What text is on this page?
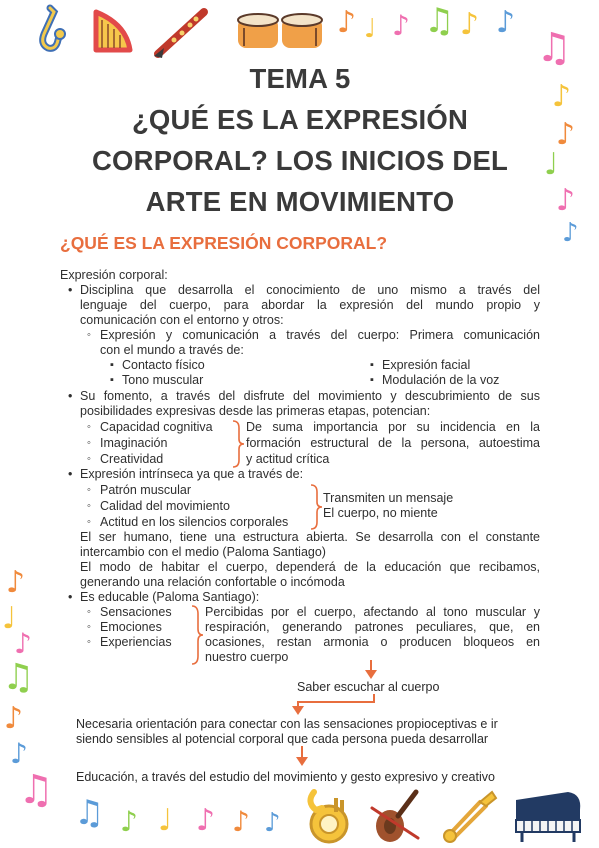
♪ ♩ ♪ ♫ ♪ ♪
♫
♪
♪
♩
♪
♪
♪
♩
♪
♫
♪
♪
♫ ♫ ♪ ♩ ♪ ♪ ♪
TEMA 5
¿QUÉ ES LA EXPRESIÓN
CORPORAL? LOS INICIOS DEL
ARTE EN MOVIMIENTO
¿QUÉ ES LA EXPRESIÓN CORPORAL?
Expresión corporal:
• Disciplina que desarrolla el conocimiento de uno mismo a través del
lenguaje del cuerpo, para abordar la expresión del mundo propio y
comunicación con el entorno y otros:
◦ Expresión y comunicación a través del cuerpo: Primera comunicación
con el mundo a través de:
▪ Contacto físico
▪ Tono muscular
▪ Expresión facial
▪ Modulación de la voz
• Su fomento, a través del disfrute del movimiento y descubrimiento de sus
posibilidades expresivas desde las primeras etapas, potencian:
◦ Capacidad cognitiva
◦ Imaginación
◦ Creatividad
De suma importancia por su incidencia en la
formación estructural de la persona, autoestima
y actitud crítica
• Expresión intrínseca ya que a través de:
◦ Patrón muscular
◦ Calidad del movimiento
◦ Actitud en los silencios corporales
Transmiten un mensaje
El cuerpo, no miente
El ser humano, tiene una estructura abierta. Se desarrolla con el constante
intercambio con el medio (Paloma Santiago)
El modo de habitar el cuerpo, dependerá de la educación que recibamos,
generando una relación confortable o incómoda
• Es educable (Paloma Santiago):
◦ Sensaciones
◦ Emociones
◦ Experiencias
Percibidas por el cuerpo, afectando al tono muscular y
respiración, generando patrones peculiares, que, en
ocasiones, restan armonia o producen bloqueos en
nuestro cuerpo
Saber escuchar al cuerpo
Necesaria orientación para conectar con las sensaciones propioceptivas e ir
siendo sensibles al potencial corporal que cada persona pueda desarrollar
Educación, a través del estudio del movimiento y gesto expresivo y creativo
